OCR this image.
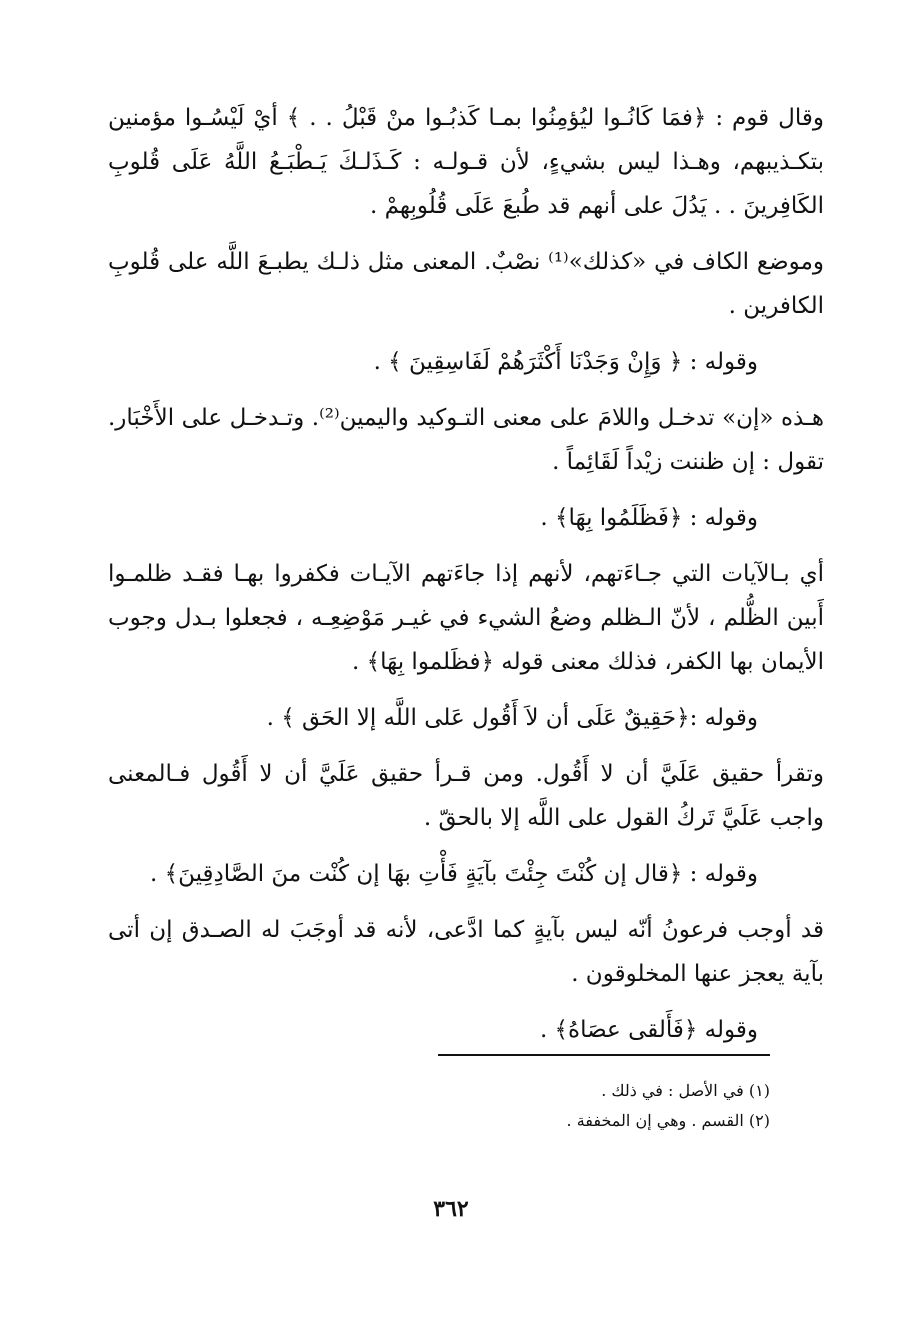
وقال قوم : ﴿فمَا كَانُـوا ليُؤمِنُوا بمـا كَذبُـوا منْ قَبْلُ . . ﴾ أيْ لَيْسُـوا مؤمنين بتكـذيبهم، وهـذا ليس بشيءٍ، لأن قـولـه : كَـذَلـكَ يَـطْبَـعُ اللَّهُ عَلَى قُلوبِ الكَافِرينَ . . يَدُلَ على أنهم قد طُبعَ عَلَى قُلُوبِهمْ .

وموضع الكاف في «كذلك»⁽¹⁾ نصْبٌ. المعنى مثل ذلـك يطبـعَ اللَّه على قُلوبِ الكافرين .

وقوله : ﴿ وَإِنْ وَجَدْنَا أَكْثَرَهُمْ لَفَاسِقِينَ ﴾ .

هـذه «إن» تدخـل واللامَ على معنى التـوكيد واليمين⁽²⁾. وتـدخـل على الأَخْبَار. تقول : إن ظننت زيْداً لَقَائِماً .

وقوله : ﴿فَظَلَمُوا بِهَا﴾ .

أي بـالآيات التي جـاءَتهم، لأنهم إذا جاءَتهم الآيـات فكفروا بهـا فقـد ظلمـوا أَبين الظُّلم ، لأنّ الـظلم وضعُ الشيء في غيـر مَوْضِعِـه ، فجعلوا بـدل وجوب الأيمان بها الكفر، فذلك معنى قوله ﴿فظَلموا بِهَا﴾ .

وقوله :﴿حَقِيقٌ عَلَى أن لاَ أَقُول عَلى اللَّه إلا الحَق ﴾ .

وتقرأ حقيق عَلَيَّ أن لا أَقُول. ومن قـرأ حقيق عَلَيَّ أن لا أَقُول فـالمعنى واجب عَلَيَّ تَركُ القول على اللَّه إلا بالحقّ .

وقوله : ﴿قال إن كُنْتَ جِئْتَ بآيَةٍ فَأْتِ بهَا إن كُنْت منَ الصَّادِقِينَ﴾ .

قد أوجب فرعونُ أنّه ليس بآيةٍ كما ادَّعى، لأنه قد أوجَبَ له الصـدق إن أتى بآية يعجز عنها المخلوقون .

وقوله ﴿فَأَلقى عصَاهُ﴾ .

(١) في الأصل : في ذلك .

(٢) القسم . وهي إن المخففة .

٣٦٢
